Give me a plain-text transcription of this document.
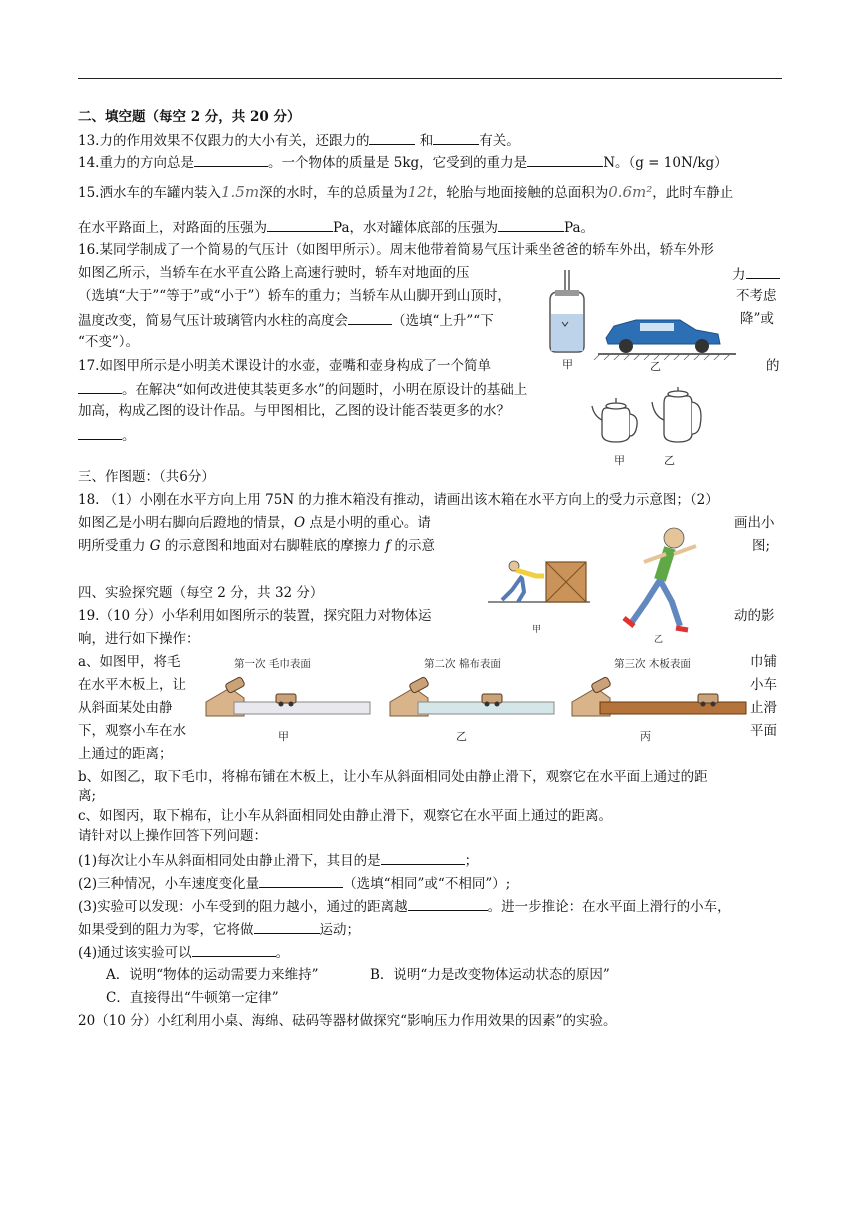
二、填空题（每空 2 分，共 20 分）
13.力的作用效果不仅跟力的大小有关，还跟力的	和	有关。
14.重力的方向总是	。一个物体的质量是 5kg，它受到的重力是	N。（g = 10N/kg）
15.洒水车的车罐内装入1.5m深的水时，车的总质量为12t，轮胎与地面接触的总面积为0.6m²，此时车静止
在水平路面上，对路面的压强为	Pa，水对罐体底部的压强为	Pa。
16.某同学制成了一个简易的气压计（如图甲所示）。周末他带着简易气压计乘坐爸爸的轿车外出，轿车外形
如图乙所示，当轿车在水平直公路上高速行驶时，轿车对地面的压	力
（选填“大于”“等于”或“小于”）轿车的重力；当轿车从山脚开到山顶时，	不考虑
温度改变，简易气压计玻璃管内水柱的高度会	（选填“上升”“下	降”或
“不变”）。
甲	乙
17.如图甲所示是小明美术课设计的水壶，壶嘴和壶身构成了一个简单	的
。在解决“如何改进使其装更多水”的问题时，小明在原设计的基础上
加高，构成乙图的设计作品。与甲图相比，乙图的设计能否装更多的水？
。
甲	乙
三、作图题：（共6分）
18. （1）小刚在水平方向上用 75N 的力推木箱没有推动，请画出该木箱在水平方向上的受力示意图；（2）
如图乙是小明右脚向后蹬地的情景，O 点是小明的重心。请	画出小
明所受重力 G 的示意图和地面对右脚鞋底的摩擦力 f 的示意	图;
甲
乙
四、实验探究题（每空 2 分，共 32 分）
19.（10 分）小华利用如图所示的装置，探究阻力对物体运	动的影
响，进行如下操作：
a、如图甲，将毛
在水平木板上，让
从斜面某处由静
下，观察小车在水
上通过的距离；
巾铺
小车
止滑
平面
第一次 毛巾表面	第二次 棉布表面	第三次 木板表面
甲	乙	丙
b、如图乙，取下毛巾，将棉布铺在木板上，让小车从斜面相同处由静止滑下，观察它在水平面上通过的距
离;
c、如图丙，取下棉布，让小车从斜面相同处由静止滑下，观察它在水平面上通过的距离。
请针对以上操作回答下列问题：
(1)每次让小车从斜面相同处由静止滑下，其目的是	；
(2)三种情况，小车速度变化量	（选填“相同”或“不相同”）;
(3)实验可以发现：小车受到的阻力越小，通过的距离越	。进一步推论：在水平面上滑行的小车，
如果受到的阻力为零，它将做	运动；
(4)通过该实验可以	。
A．说明“物体的运动需要力来维持”	B．说明“力是改变物体运动状态的原因”
C．直接得出“牛顿第一定律”
20（10 分）小红利用小桌、海绵、砝码等器材做探究“影响压力作用效果的因素”的实验。
